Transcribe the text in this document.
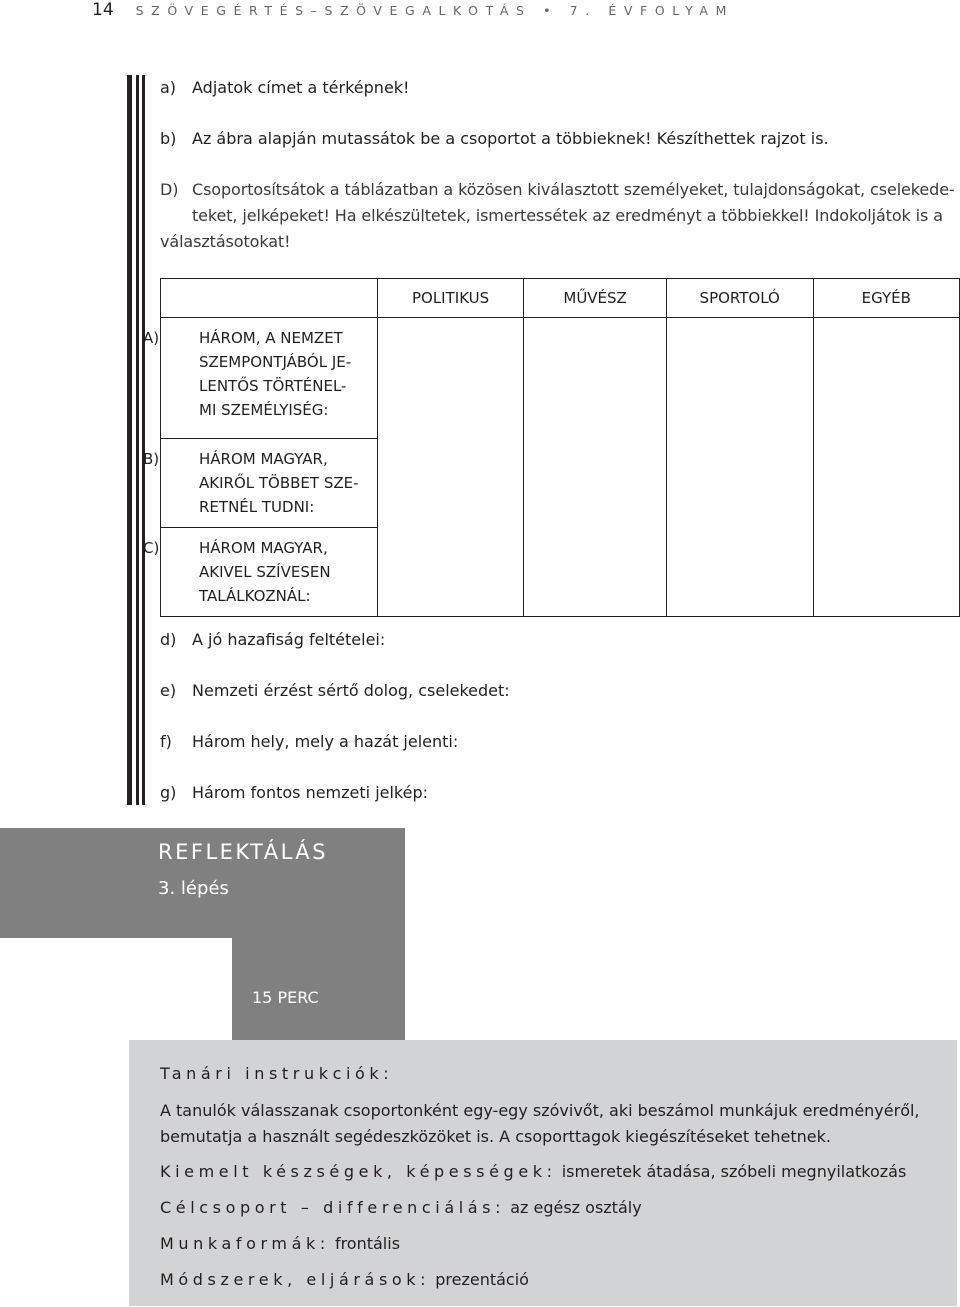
14 SZÖVEGÉRTÉS–SZÖVEGALKOTÁS • 7. ÉVFOLYAM
a) Adjatok címet a térképnek!
b) Az ábra alapján mutassátok be a csoportot a többieknek! Készíthettek rajzot is.
D) Csoportosítsátok a táblázatban a közösen kiválasztott személyeket, tulajdonságokat, cselekede-
teket, jelképeket! Ha elkészültetek, ismertessétek az eredményt a többiekkel! Indokoljátok is a
választásotokat!
	POLITIKUS	MŰVÉSZ	SPORTOLÓ	EGYÉB

A) HÁROM, A NEMZET
SZEMPONTJÁBÓL JE-
LENTŐS TÖRTÉNEL-
MI SZEMÉLYISÉG:				

B) HÁROM MAGYAR,
AKIRŐL TÖBBET SZE-
RETNÉL TUDNI:				

C) HÁROM MAGYAR,
AKIVEL SZÍVESEN
TALÁLKOZNÁL:				
d) A jó hazafiság feltételei:
e) Nemzeti érzést sértő dolog, cselekedet:
f) Három hely, mely a hazát jelenti:
g) Három fontos nemzeti jelkép:
REFLEKTÁLÁS
3. lépés
15 PERC
Tanári instrukciók:
A tanulók válasszanak csoportonként egy-egy szóvivőt, aki beszámol munkájuk eredményéről,
bemutatja a használt segédeszközöket is. A csoporttagok kiegészítéseket tehetnek.
Kiemelt készségek, képességek: ismeretek átadása, szóbeli megnyilatkozás
Célcsoport – differenciálás: az egész osztály
Munkaformák: frontális
Módszerek, eljárások: prezentáció
